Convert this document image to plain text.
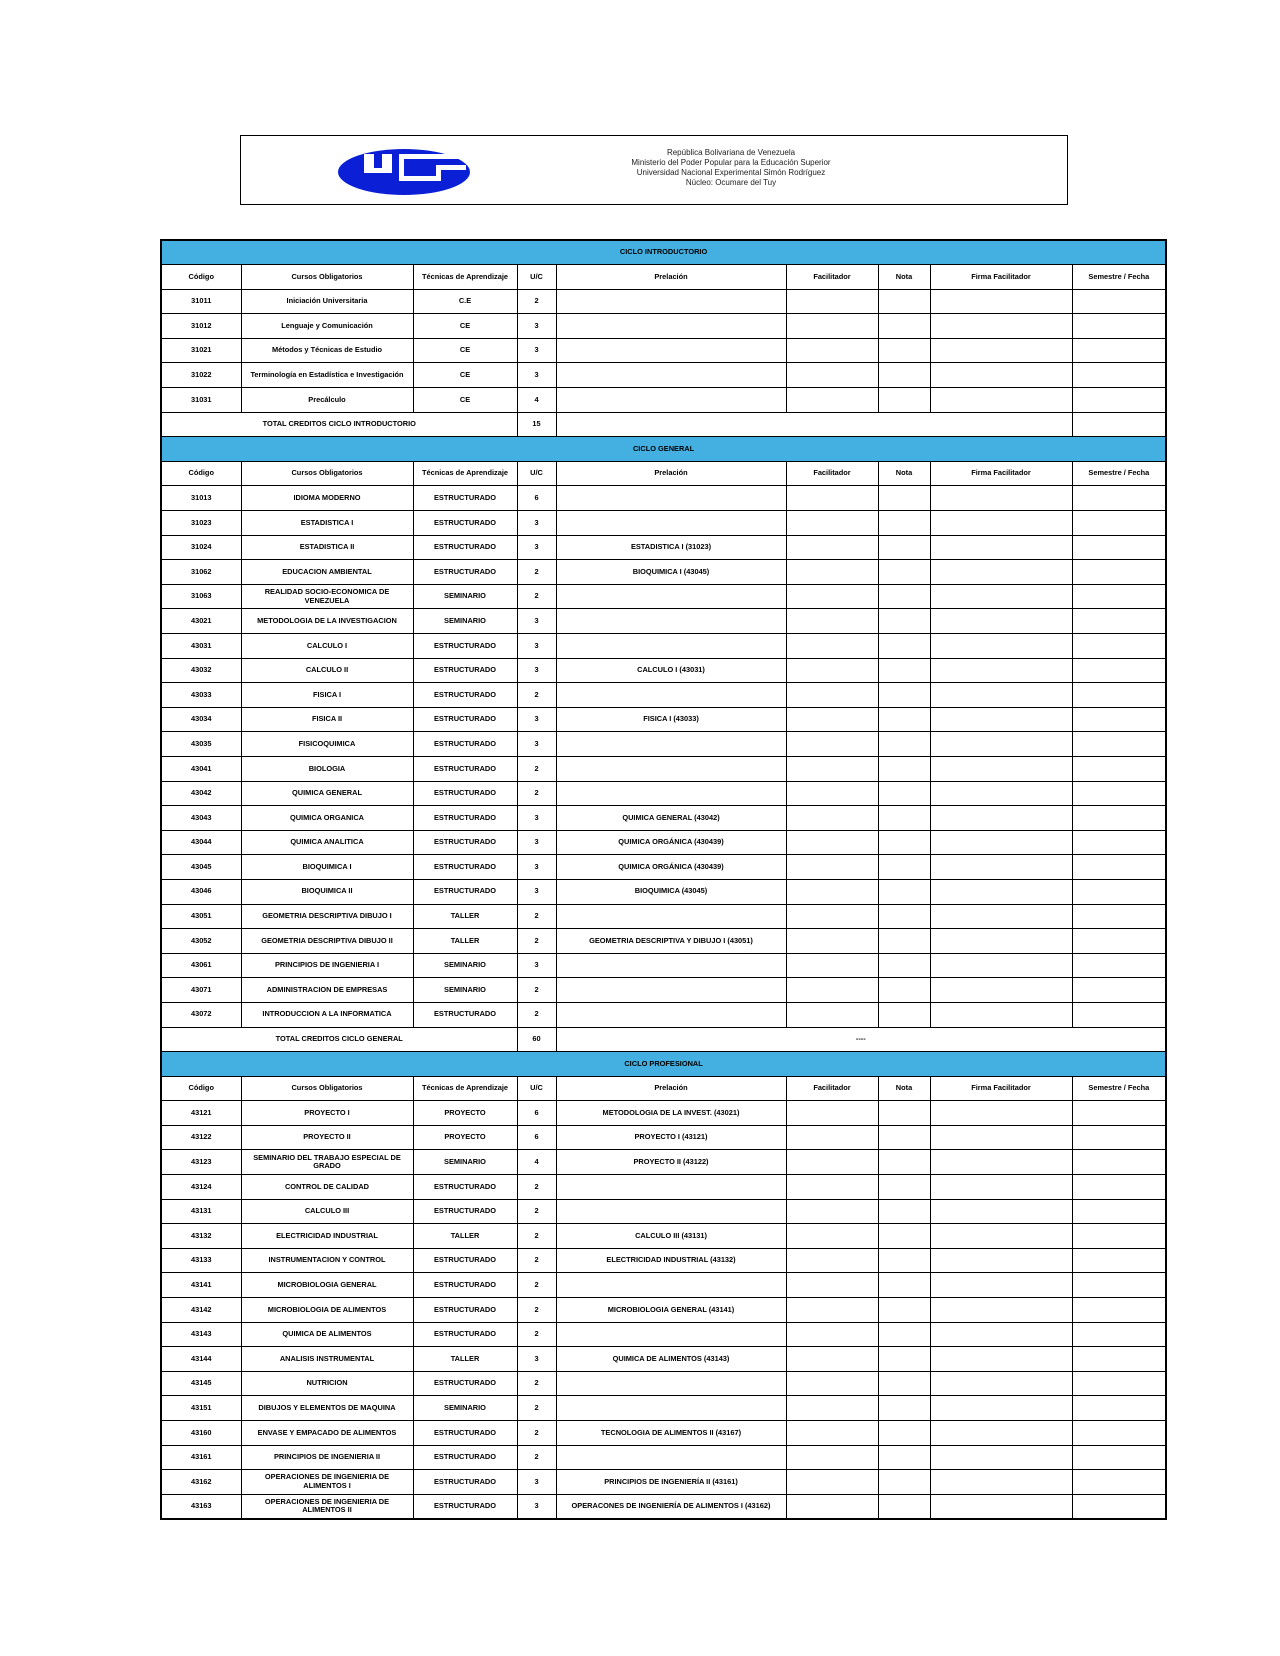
República Bolivariana de Venezuela
Ministerio del Poder Popular para la Educación Superior
Universidad Nacional Experimental Simón Rodríguez
Núcleo: Ocumare del Tuy
CICLO INTRODUCTORIO								
Código	Cursos Obligatorios	Técnicas de Aprendizaje	U/C	Prelación	Facilitador	Nota	Firma Facilitador	Semestre / Fecha
31011	Iniciación Universitaria	C.E	2					
31012	Lenguaje y Comunicación	CE	3					
31021	Métodos y Técnicas de Estudio	CE	3					
31022	Terminología en Estadística e Investigación	CE	3					
31031	Precálculo	CE	4					
TOTAL CREDITOS CICLO INTRODUCTORIO			15					
CICLO GENERAL								
Código	Cursos Obligatorios	Técnicas de Aprendizaje	U/C	Prelación	Facilitador	Nota	Firma Facilitador	Semestre / Fecha
31013	IDIOMA MODERNO	ESTRUCTURADO	6					
31023	ESTADISTICA I	ESTRUCTURADO	3					
31024	ESTADISTICA II	ESTRUCTURADO	3	ESTADISTICA I (31023)				
31062	EDUCACION AMBIENTAL	ESTRUCTURADO	2	BIOQUIMICA I (43045)				
31063	REALIDAD SOCIO-ECONOMICA DE VENEZUELA	SEMINARIO	2					
43021	METODOLOGIA DE LA INVESTIGACION	SEMINARIO	3					
43031	CALCULO I	ESTRUCTURADO	3					
43032	CALCULO II	ESTRUCTURADO	3	CALCULO I (43031)				
43033	FISICA I	ESTRUCTURADO	2					
43034	FISICA II	ESTRUCTURADO	3	FISICA I (43033)				
43035	FISICOQUIMICA	ESTRUCTURADO	3					
43041	BIOLOGIA	ESTRUCTURADO	2					
43042	QUIMICA GENERAL	ESTRUCTURADO	2					
43043	QUIMICA ORGANICA	ESTRUCTURADO	3	QUIMICA GENERAL (43042)				
43044	QUIMICA ANALITICA	ESTRUCTURADO	3	QUIMICA ORGÁNICA (430439)				
43045	BIOQUIMICA I	ESTRUCTURADO	3	QUIMICA ORGÁNICA (430439)				
43046	BIOQUIMICA II	ESTRUCTURADO	3	BIOQUIMICA (43045)				
43051	GEOMETRIA DESCRIPTIVA DIBUJO I	TALLER	2					
43052	GEOMETRIA DESCRIPTIVA DIBUJO II	TALLER	2	GEOMETRIA DESCRIPTIVA Y DIBUJO I (43051)				
43061	PRINCIPIOS DE INGENIERIA I	SEMINARIO	3					
43071	ADMINISTRACION DE EMPRESAS	SEMINARIO	2					
43072	INTRODUCCION A LA INFORMATICA	ESTRUCTURADO	2					
TOTAL CREDITOS CICLO GENERAL			60	----				
CICLO PROFESIONAL								
Código	Cursos Obligatorios	Técnicas de Aprendizaje	U/C	Prelación	Facilitador	Nota	Firma Facilitador	Semestre / Fecha
43121	PROYECTO I	PROYECTO	6	METODOLOGIA DE LA INVEST. (43021)				
43122	PROYECTO II	PROYECTO	6	PROYECTO I (43121)				
43123	SEMINARIO DEL TRABAJO ESPECIAL DE GRADO	SEMINARIO	4	PROYECTO II (43122)				
43124	CONTROL DE CALIDAD	ESTRUCTURADO	2					
43131	CALCULO III	ESTRUCTURADO	2					
43132	ELECTRICIDAD INDUSTRIAL	TALLER	2	CALCULO III (43131)				
43133	INSTRUMENTACION Y CONTROL	ESTRUCTURADO	2	ELECTRICIDAD INDUSTRIAL (43132)				
43141	MICROBIOLOGIA GENERAL	ESTRUCTURADO	2					
43142	MICROBIOLOGIA DE ALIMENTOS	ESTRUCTURADO	2	MICROBIOLOGIA GENERAL (43141)				
43143	QUIMICA DE ALIMENTOS	ESTRUCTURADO	2					
43144	ANALISIS INSTRUMENTAL	TALLER	3	QUIMICA DE ALIMENTOS (43143)				
43145	NUTRICION	ESTRUCTURADO	2					
43151	DIBUJOS Y ELEMENTOS DE MAQUINA	SEMINARIO	2					
43160	ENVASE Y EMPACADO DE ALIMENTOS	ESTRUCTURADO	2	TECNOLOGIA DE ALIMENTOS II (43167)				
43161	PRINCIPIOS DE INGENIERIA II	ESTRUCTURADO	2					
43162	OPERACIONES DE INGENIERIA DE ALIMENTOS I	ESTRUCTURADO	3	PRINCIPIOS DE INGENIERÍA II (43161)				
43163	OPERACIONES DE INGENIERIA DE ALIMENTOS II	ESTRUCTURADO	3	OPERACONES DE INGENIERÍA DE ALIMENTOS I (43162)				
